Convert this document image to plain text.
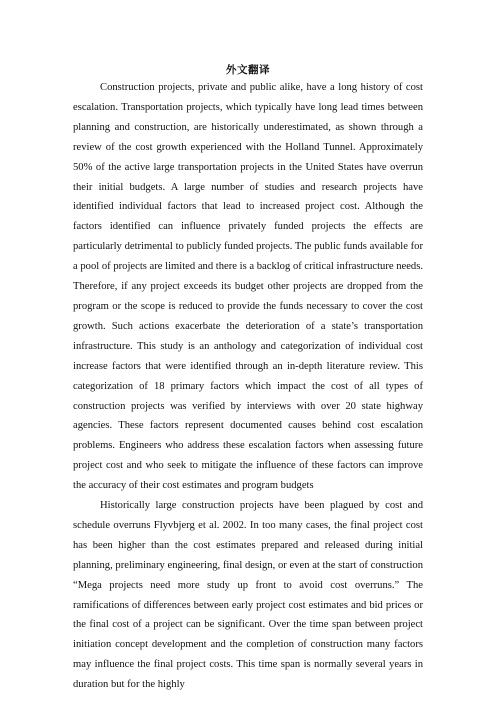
外文翻译

Construction projects, private and public alike, have a long history of cost escalation. Transportation projects, which typically have long lead times between planning and construction, are historically underestimated, as shown through a review of the cost growth experienced with the Holland Tunnel. Approximately 50% of the active large transportation projects in the United States have overrun their initial budgets. A large number of studies and research projects have identified individual factors that lead to increased project cost. Although the factors identified can influence privately funded projects the effects are particularly detrimental to publicly funded projects. The public funds available for a pool of projects are limited and there is a backlog of critical infrastructure needs. Therefore, if any project exceeds its budget other projects are dropped from the program or the scope is reduced to provide the funds necessary to cover the cost growth. Such actions exacerbate the deterioration of a state’s transportation infrastructure. This study is an anthology and categorization of individual cost increase factors that were identified through an in-depth literature review. This categorization of 18 primary factors which impact the cost of all types of construction projects was verified by interviews with over 20 state highway agencies. These factors represent documented causes behind cost escalation problems. Engineers who address these escalation factors when assessing future project cost and who seek to mitigate the influence of these factors can improve the accuracy of their cost estimates and program budgets

Historically large construction projects have been plagued by cost and schedule overruns Flyvbjerg et al. 2002. In too many cases, the final project cost has been higher than the cost estimates prepared and released during initial planning, preliminary engineering, final design, or even at the start of construction “Mega projects need more study up front to avoid cost overruns.” The ramifications of differences between early project cost estimates and bid prices or the final cost of a project can be significant. Over the time span between project initiation concept development and the completion of construction many factors may influence the final project costs. This time span is normally several years in duration but for the highly
